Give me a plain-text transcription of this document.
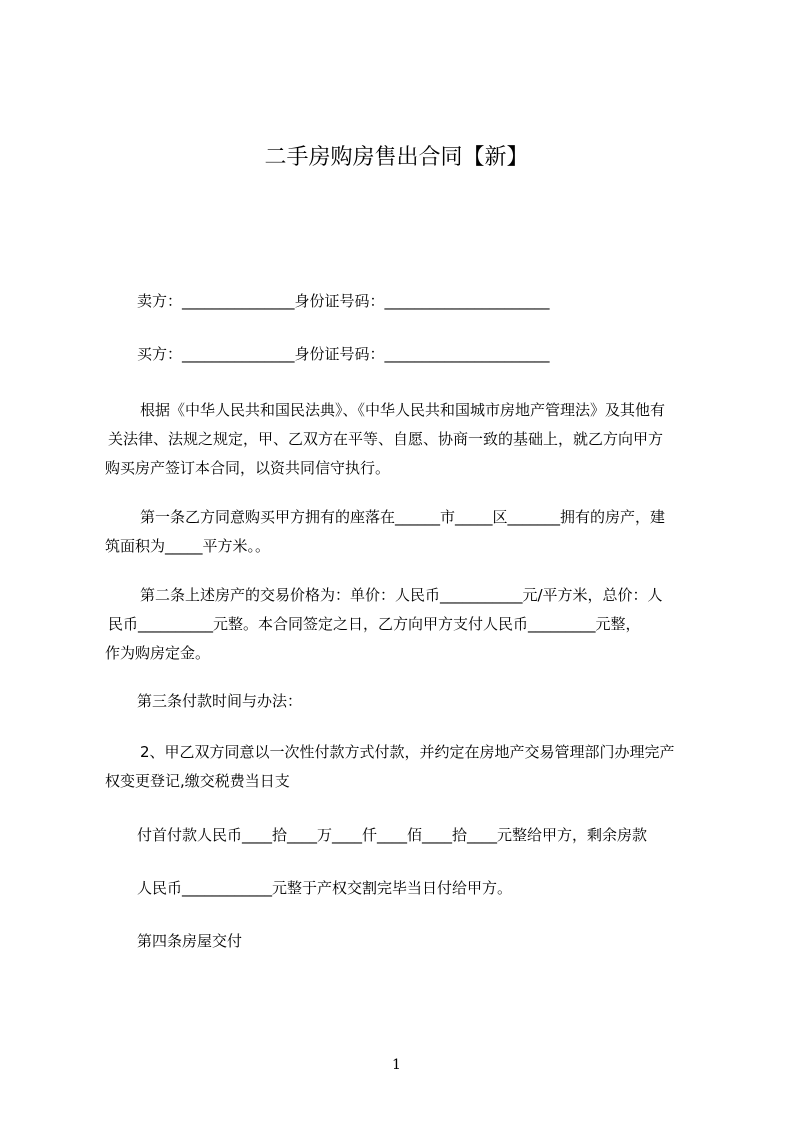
二手房购房售出合同【新】

卖方：_______________身份证号码：______________________

买方：_______________身份证号码：______________________

根据《中华人民共和国民法典》、《中华人民共和国城市房地产管理法》及其他有
关法律、法规之规定，甲、乙双方在平等、自愿、协商一致的基础上，就乙方向甲方
购买房产签订本合同，以资共同信守执行。
第一条乙方同意购买甲方拥有的座落在______市_____区_______拥有的房产，建
筑面积为_____平方米。。
第二条上述房产的交易价格为：单价：人民币___________元/平方米，总价：人
民币__________元整。本合同签定之日，乙方向甲方支付人民币_________元整，
作为购房定金。

第三条付款时间与办法：

2、甲乙双方同意以一次性付款方式付款，并约定在房地产交易管理部门办理完产
权变更登记,缴交税费当日支

付首付款人民币____拾____万____仟____佰____拾____元整给甲方，剩余房款

人民币____________元整于产权交割完毕当日付给甲方。

第四条房屋交付

1
